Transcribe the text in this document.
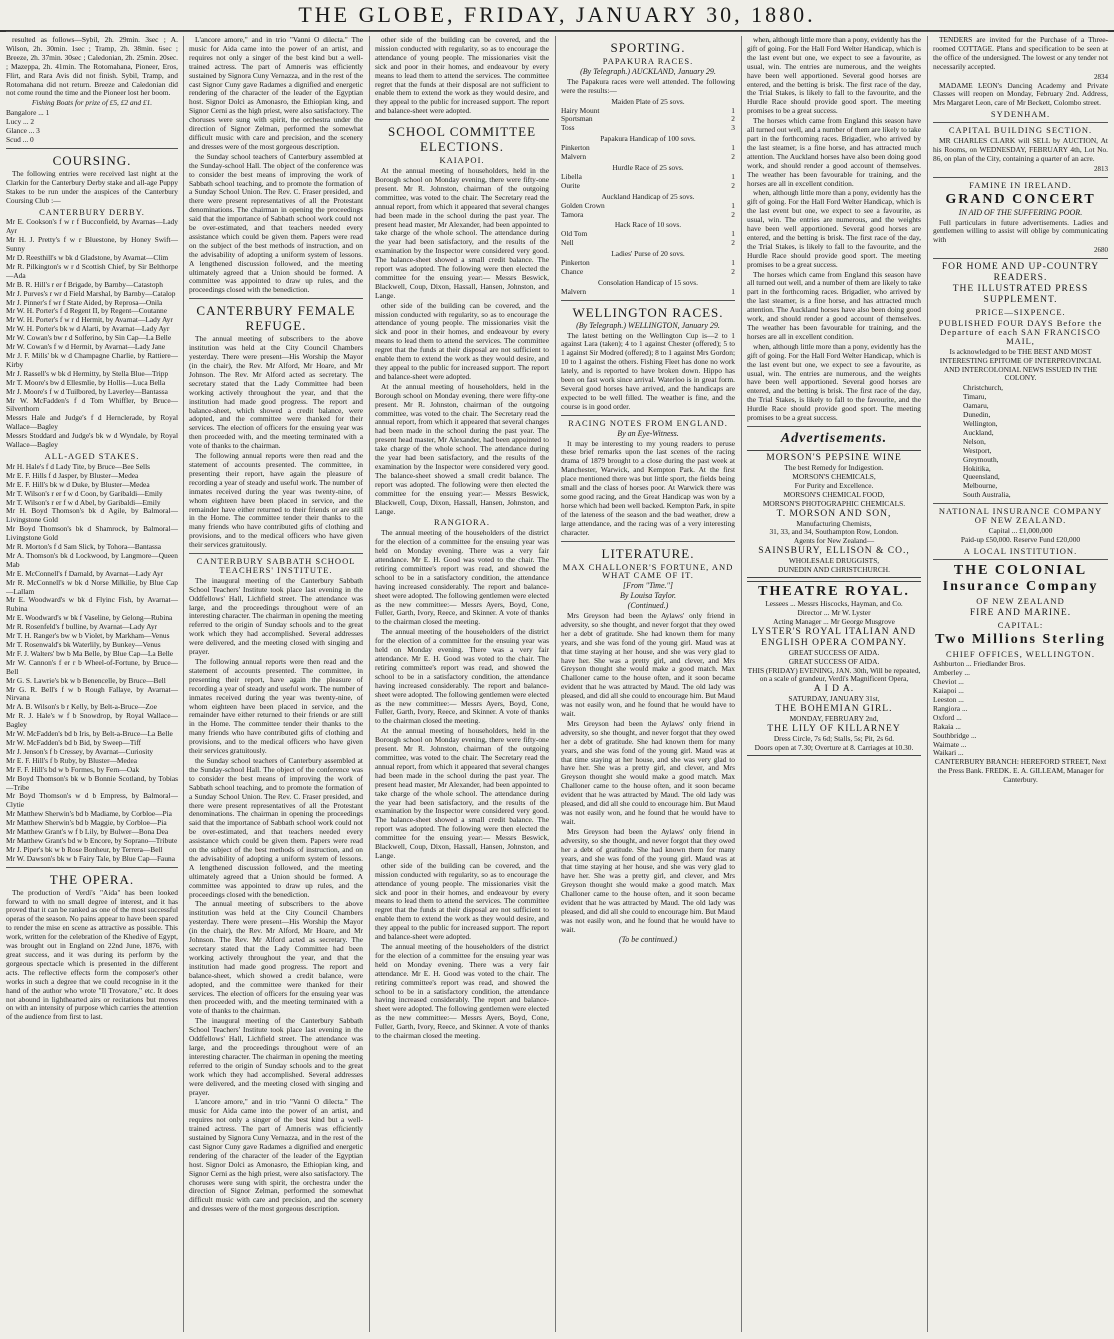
THE GLOBE, FRIDAY, JANUARY 30, 1880.

resulted as follows—Sybil, 2h. 29min. 3sec ; A. Wilson, 2h. 30min. 1sec ; Tramp, 2h. 38min. 6sec ; Breeze, 2h. 37min. 30sec ; Caledonian, 2h. 25min. 20sec. ; Mazeppa, 2h. 41min. The Rotomahana, Pioneer, Eros, Flirt, and Rara Avis did not finish. Sybil, Tramp, and Rotomahana did not return. Breeze and Caledonian did not come round the time and the Pioneer lost her boom.

Fishing Boats for prize of £5, £2 and £1.

Bangalore ... 1
Lucy ... 2
Glance ... 3
Scud ... 0
COURSING.

The following entries were received last night at the Clarkin for the Canterbury Derby stake and all-age Puppy Stakes to be run under the auspices of the Canterbury Coursing Club :—

CANTERBURY DERBY.
Mr E. Cookson's f w r f Bucconfield, by Avarnas—Lady Ayr
Mr H. J. Pretty's f w r Bluestone, by Honey Swift—Sunny
Mr D. Reesthill's w bk d Gladstone, by Avarnat—Clim
Mr R. Pilkington's w r d Scottish Chief, by Sir Belthorpe—Ada
Mr B. R. Hill's r er f Brigade, by Barnby—Catastoph
Mr J. Purves's r wr d Field Marshal, by Barnby—Catalop
Mr J. Pinner's f wr f State Aided, by Reprosa—Onila
Mr W. H. Porter's f d Regent II, by Regent—Coutanne
Mr W. H. Porter's f w r d Hermit, by Avarnat—Lady Ayr
Mr W. H. Porter's bk w d Alarti, by Avarnat—Lady Ayr
Mr W. Cowan's bw r d Solferino, by Sin Cap—La Belle
Mr W. Cowan's f w d Hermit, by Avarnat—Lady Jane
Mr J. F. Mills' bk w d Champagne Charlie, by Rattiere—Kirby
Mr J. Rassell's w bk d Hermitty, by Stella Blue—Tripp
Mr T. Moore's bw d Ellesmlie, by Hollis—Luca Bella
Mr J. Moore's f w d Tuilbored, by Laverley—Bantassa
Mr W. McFadden's f d Tom Whiffler, by Bruce—Silverthorn
Messrs Hale and Judge's f d Hernclerade, by Royal Wallace—Bagley
Messrs Stoddard and Judge's bk w d Wyndale, by Royal Wallace—Bagley
ALL-AGED STAKES.
Mr H. Hale's f d Lady Tite, by Bruce—Bee Sells
Mr E. F. Hills f d Jasper, by Bluster—Medea
Mr E. F. Hill's bk w d Duke, by Bluster—Medea
Mr T. Wilson's r er f w d Coon, by Garibaldi—Emily
Mr T. Wilson's r er f w d Abel, by Garibaldi—Emily
Mr H. Boyd Thomson's bk d Agile, by Balmoral—Livingstone Gold
Mr Boyd Thomson's bk d Shamrock, by Balmoral—Livingstone Gold
Mr R. Morton's f d Sam Slick, by Tohora—Bantassa
Mr A. Thomson's bk d Lockwood, by Langmore—Queen Mab
Mr E. McConnell's f Darnald, by Avarnat—Lady Ayr
Mr R. McConnell's w bk d Norse Milkilie, by Blue Cap—Lallam
Mr E. Woodward's w bk d Flyinc Fish, by Avarnat—Rubina
Mr E. Woodward's w bk f Vaseline, by Gelong—Rubina
Mr R. Rosenfeld's f bulline, by Avarnat—Lady Ayr
Mr T. H. Ranger's bw w b Violet, by Markham—Venus
Mr T. Rosenwald's bk Waterlily, by Bunkey—Venus
Mr F. J. Walters' bw b Ma Belle, by Blue Cap—La Belle
Mr W. Cannon's f er r b Wheel-of-Fortune, by Bruce—Bell
Mr G. S. Lawrie's bk w b Benencelle, by Bruce—Bell
Mr G. R. Bell's f w b Rough Fallaye, by Avarnat—Nirvana
Mr A. B. Wilson's b r Kelly, by Belt-a-Bruce—Zoe
Mr R. J. Hale's w f b Snowdrop, by Royal Wallace—Bagley
Mr W. McFadden's bd b Iris, by Belt-a-Bruce—La Belle
Mr W. McFadden's bd b Bid, by Sweep—Tiff
Mr J. Jenson's f b Cressey, by Avarnat—Curiosity
Mr E. F. Hill's f b Ruby, by Bluster—Medea
Mr F. F. Hill's bd w b Formes, by Fern—Oak
Mr Boyd Thomson's bk w b Bonnie Scotland, by Tobias—Tribe
Mr Boyd Thomson's w d b Empress, by Balmoral—Clytie
Mr Matthew Sherwin's bd b Madiame, by Corbloe—Pia
Mr Matthew Sherwin's bd b Maggie, by Corbloe—Pia
Mr Matthew Grant's w f b Lily, by Bulwer—Bona Dea
Mr Matthew Grant's bd w b Encore, by Soprano—Tribute
Mr J. Piper's bk w b Rose Bonheur, by Terrera—Bell
Mr W. Dawson's bk w b Fairy Tale, by Blue Cap—Fauna
THE OPERA.

The production of Verdi's "Aida" has been looked forward to with no small degree of interest, and it has proved that it can be ranked as one of the most successful operas of the season. No pains appear to have been spared to render the mise en scene as attractive as possible. This work, written for the celebration of the Khedive of Egypt, was brought out in England on 22nd June, 1876, with great success, and it was during its perform by the gorgeous spectacle which is presented in the different acts. The reflective effects form the composer's other works in such a degree that we could recognise in it the hand of the author who wrote "Il Trovatore," etc. It does not abound in lighthearted airs or recitations but moves on with an intensity of purpose which carries the attention of the audience from first to last.

L'ancore amore," and in trio "Vanni O dilecta." The music for Aida came into the power of an artist, and requires not only a singer of the best kind but a well-trained actress. The part of Amneris was efficiently sustained by Signora Cuny Vernazza, and in the rest of the cast Signor Cuny gave Radames a dignified and energetic rendering of the character of the leader of the Egyptian host. Signor Dolci as Amonasro, the Ethiopian king, and Signor Cerni as the high priest, were also satisfactory. The choruses were sung with spirit, the orchestra under the direction of Signor Zelman, performed the somewhat difficult music with care and precision, and the scenery and dresses were of the most gorgeous description.

the Sunday school teachers of Canterbury assembled at the Sunday-school Hall. The object of the conference was to consider the best means of improving the work of Sabbath school teaching, and to promote the formation of a Sunday School Union. The Rev. C. Fraser presided, and there were present representatives of all the Protestant denominations. The chairman in opening the proceedings said that the importance of Sabbath school work could not be over-estimated, and that teachers needed every assistance which could be given them. Papers were read on the subject of the best methods of instruction, and on the advisability of adopting a uniform system of lessons. A lengthened discussion followed, and the meeting ultimately agreed that a Union should be formed. A committee was appointed to draw up rules, and the proceedings closed with the benediction.

CANTERBURY FEMALE REFUGE.

The annual meeting of subscribers to the above institution was held at the City Council Chambers yesterday. There were present—His Worship the Mayor (in the chair), the Rev. Mr Alford, Mr Hoare, and Mr Johnson. The Rev. Mr Alford acted as secretary. The secretary stated that the Lady Committee had been working actively throughout the year, and that the institution had made good progress. The report and balance-sheet, which showed a credit balance, were adopted, and the committee were thanked for their services. The election of officers for the ensuing year was then proceeded with, and the meeting terminated with a vote of thanks to the chairman.

The following annual reports were then read and the statement of accounts presented. The committee, in presenting their report, have again the pleasure of recording a year of steady and useful work. The number of inmates received during the year was twenty-nine, of whom eighteen have been placed in service, and the remainder have either returned to their friends or are still in the Home. The committee tender their thanks to the many friends who have contributed gifts of clothing and provisions, and to the medical officers who have given their services gratuitously.

CANTERBURY SABBATH SCHOOL TEACHERS' INSTITUTE.

The inaugural meeting of the Canterbury Sabbath School Teachers' Institute took place last evening in the Oddfellows' Hall, Lichfield street. The attendance was large, and the proceedings throughout were of an interesting character. The chairman in opening the meeting referred to the origin of Sunday schools and to the great work which they had accomplished. Several addresses were delivered, and the meeting closed with singing and prayer.

The following annual reports were then read and the statement of accounts presented. The committee, in presenting their report, have again the pleasure of recording a year of steady and useful work. The number of inmates received during the year was twenty-nine, of whom eighteen have been placed in service, and the remainder have either returned to their friends or are still in the Home. The committee tender their thanks to the many friends who have contributed gifts of clothing and provisions, and to the medical officers who have given their services gratuitously.

the Sunday school teachers of Canterbury assembled at the Sunday-school Hall. The object of the conference was to consider the best means of improving the work of Sabbath school teaching, and to promote the formation of a Sunday School Union. The Rev. C. Fraser presided, and there were present representatives of all the Protestant denominations. The chairman in opening the proceedings said that the importance of Sabbath school work could not be over-estimated, and that teachers needed every assistance which could be given them. Papers were read on the subject of the best methods of instruction, and on the advisability of adopting a uniform system of lessons. A lengthened discussion followed, and the meeting ultimately agreed that a Union should be formed. A committee was appointed to draw up rules, and the proceedings closed with the benediction.

The annual meeting of subscribers to the above institution was held at the City Council Chambers yesterday. There were present—His Worship the Mayor (in the chair), the Rev. Mr Alford, Mr Hoare, and Mr Johnson. The Rev. Mr Alford acted as secretary. The secretary stated that the Lady Committee had been working actively throughout the year, and that the institution had made good progress. The report and balance-sheet, which showed a credit balance, were adopted, and the committee were thanked for their services. The election of officers for the ensuing year was then proceeded with, and the meeting terminated with a vote of thanks to the chairman.

The inaugural meeting of the Canterbury Sabbath School Teachers' Institute took place last evening in the Oddfellows' Hall, Lichfield street. The attendance was large, and the proceedings throughout were of an interesting character. The chairman in opening the meeting referred to the origin of Sunday schools and to the great work which they had accomplished. Several addresses were delivered, and the meeting closed with singing and prayer.

L'ancore amore," and in trio "Vanni O dilecta." The music for Aida came into the power of an artist, and requires not only a singer of the best kind but a well-trained actress. The part of Amneris was efficiently sustained by Signora Cuny Vernazza, and in the rest of the cast Signor Cuny gave Radames a dignified and energetic rendering of the character of the leader of the Egyptian host. Signor Dolci as Amonasro, the Ethiopian king, and Signor Cerni as the high priest, were also satisfactory. The choruses were sung with spirit, the orchestra under the direction of Signor Zelman, performed the somewhat difficult music with care and precision, and the scenery and dresses were of the most gorgeous description.

other side of the building can be covered, and the mission conducted with regularity, so as to encourage the attendance of young people. The missionaries visit the sick and poor in their homes, and endeavour by every means to lead them to attend the services. The committee regret that the funds at their disposal are not sufficient to enable them to extend the work as they would desire, and they appeal to the public for increased support. The report and balance-sheet were adopted.

SCHOOL COMMITTEE ELECTIONS.
KAIAPOI.

At the annual meeting of householders, held in the Borough school on Monday evening, there were fifty-one present. Mr R. Johnston, chairman of the outgoing committee, was voted to the chair. The Secretary read the annual report, from which it appeared that several changes had been made in the school during the past year. The present head master, Mr Alexander, had been appointed to take charge of the whole school. The attendance during the year had been satisfactory, and the results of the examination by the Inspector were considered very good. The balance-sheet showed a small credit balance. The report was adopted. The following were then elected the committee for the ensuing year:— Messrs Beswick, Blackwell, Coup, Dixon, Hassall, Hansen, Johnston, and Lange.

other side of the building can be covered, and the mission conducted with regularity, so as to encourage the attendance of young people. The missionaries visit the sick and poor in their homes, and endeavour by every means to lead them to attend the services. The committee regret that the funds at their disposal are not sufficient to enable them to extend the work as they would desire, and they appeal to the public for increased support. The report and balance-sheet were adopted.

At the annual meeting of householders, held in the Borough school on Monday evening, there were fifty-one present. Mr R. Johnston, chairman of the outgoing committee, was voted to the chair. The Secretary read the annual report, from which it appeared that several changes had been made in the school during the past year. The present head master, Mr Alexander, had been appointed to take charge of the whole school. The attendance during the year had been satisfactory, and the results of the examination by the Inspector were considered very good. The balance-sheet showed a small credit balance. The report was adopted. The following were then elected the committee for the ensuing year:— Messrs Beswick, Blackwell, Coup, Dixon, Hassall, Hansen, Johnston, and Lange.

RANGIORA.

The annual meeting of the householders of the district for the election of a committee for the ensuing year was held on Monday evening. There was a very fair attendance. Mr E. H. Good was voted to the chair. The retiring committee's report was read, and showed the school to be in a satisfactory condition, the attendance having increased considerably. The report and balance-sheet were adopted. The following gentlemen were elected as the new committee:— Messrs Ayers, Boyd, Cone, Fuller, Garth, Ivory, Reece, and Skinner. A vote of thanks to the chairman closed the meeting.

The annual meeting of the householders of the district for the election of a committee for the ensuing year was held on Monday evening. There was a very fair attendance. Mr E. H. Good was voted to the chair. The retiring committee's report was read, and showed the school to be in a satisfactory condition, the attendance having increased considerably. The report and balance-sheet were adopted. The following gentlemen were elected as the new committee:— Messrs Ayers, Boyd, Cone, Fuller, Garth, Ivory, Reece, and Skinner. A vote of thanks to the chairman closed the meeting.

At the annual meeting of householders, held in the Borough school on Monday evening, there were fifty-one present. Mr R. Johnston, chairman of the outgoing committee, was voted to the chair. The Secretary read the annual report, from which it appeared that several changes had been made in the school during the past year. The present head master, Mr Alexander, had been appointed to take charge of the whole school. The attendance during the year had been satisfactory, and the results of the examination by the Inspector were considered very good. The balance-sheet showed a small credit balance. The report was adopted. The following were then elected the committee for the ensuing year:— Messrs Beswick, Blackwell, Coup, Dixon, Hassall, Hansen, Johnston, and Lange.

other side of the building can be covered, and the mission conducted with regularity, so as to encourage the attendance of young people. The missionaries visit the sick and poor in their homes, and endeavour by every means to lead them to attend the services. The committee regret that the funds at their disposal are not sufficient to enable them to extend the work as they would desire, and they appeal to the public for increased support. The report and balance-sheet were adopted.

The annual meeting of the householders of the district for the election of a committee for the ensuing year was held on Monday evening. There was a very fair attendance. Mr E. H. Good was voted to the chair. The retiring committee's report was read, and showed the school to be in a satisfactory condition, the attendance having increased considerably. The report and balance-sheet were adopted. The following gentlemen were elected as the new committee:— Messrs Ayers, Boyd, Cone, Fuller, Garth, Ivory, Reece, and Skinner. A vote of thanks to the chairman closed the meeting.

SPORTING.
PAPAKURA RACES.
(By Telegraph.) AUCKLAND, January 29.

The Papakura races were well attended. The following were the results:—

Maiden Plate of 25 sovs.
Hairy Mount	1
Sportsman	2
Toss	3
Papakura Handicap of 100 sovs.
Pinkerton	1
Malvern	2
Hurdle Race of 25 sovs.
Libella	1
Ourite	2
Auckland Handicap of 25 sovs.
Golden Crown	1
Tamora	2
Hack Race of 10 sovs.
Old Tom	1
Nell	2
Ladies' Purse of 20 sovs.
Pinkerton	1
Chance	2
Consolation Handicap of 15 sovs.
Malvern	1
WELLINGTON RACES.
(By Telegraph.) WELLINGTON, January 29.

The latest betting on the Wellington Cup is—2 to 1 against Lara (taken); 4 to 1 against Chester (offered); 5 to 1 against Sir Modred (offered); 8 to 1 against Mrs Gordon; 10 to 1 against the others. Fishing Fleet has done no work lately, and is reported to have broken down. Hippo has been on fast work since arrival. Waterloo is in great form. Several good horses have arrived, and the handicaps are expected to be well filled. The weather is fine, and the course is in good order.

RACING NOTES FROM ENGLAND.
By an Eye-Witness.

It may be interesting to my young readers to peruse these brief remarks upon the last scenes of the racing drama of 1879 brought to a close during the past week at Manchester, Warwick, and Kempton Park. At the first place mentioned there was but little sport, the fields being small and the class of horses poor. At Warwick there was some good racing, and the Great Handicap was won by a horse which had been well backed. Kempton Park, in spite of the lateness of the season and the bad weather, drew a large attendance, and the racing was of a very interesting character.

LITERATURE.
MAX CHALLONER'S FORTUNE, AND WHAT CAME OF IT.
[From "Time."]
By Louisa Taylor.
(Continued.)

Mrs Greyson had been the Aylaws' only friend in adversity, so she thought, and never forgot that they owed her a debt of gratitude. She had known them for many years, and she was fond of the young girl. Maud was at that time staying at her house, and she was very glad to have her. She was a pretty girl, and clever, and Mrs Greyson thought she would make a good match. Max Challoner came to the house often, and it soon became evident that he was attracted by Maud. The old lady was pleased, and did all she could to encourage him. But Maud was not easily won, and he found that he would have to wait.

Mrs Greyson had been the Aylaws' only friend in adversity, so she thought, and never forgot that they owed her a debt of gratitude. She had known them for many years, and she was fond of the young girl. Maud was at that time staying at her house, and she was very glad to have her. She was a pretty girl, and clever, and Mrs Greyson thought she would make a good match. Max Challoner came to the house often, and it soon became evident that he was attracted by Maud. The old lady was pleased, and did all she could to encourage him. But Maud was not easily won, and he found that he would have to wait.

Mrs Greyson had been the Aylaws' only friend in adversity, so she thought, and never forgot that they owed her a debt of gratitude. She had known them for many years, and she was fond of the young girl. Maud was at that time staying at her house, and she was very glad to have her. She was a pretty girl, and clever, and Mrs Greyson thought she would make a good match. Max Challoner came to the house often, and it soon became evident that he was attracted by Maud. The old lady was pleased, and did all she could to encourage him. But Maud was not easily won, and he found that he would have to wait.

(To be continued.)

when, although little more than a pony, evidently has the gift of going. For the Hall Ford Welter Handicap, which is the last event but one, we expect to see a favourite, as usual, win. The entries are numerous, and the weights have been well apportioned. Several good horses are entered, and the betting is brisk. The first race of the day, the Trial Stakes, is likely to fall to the favourite, and the Hurdle Race should provide good sport. The meeting promises to be a great success.

The horses which came from England this season have all turned out well, and a number of them are likely to take part in the forthcoming races. Brigadier, who arrived by the last steamer, is a fine horse, and has attracted much attention. The Auckland horses have also been doing good work, and should render a good account of themselves. The weather has been favourable for training, and the horses are all in excellent condition.

when, although little more than a pony, evidently has the gift of going. For the Hall Ford Welter Handicap, which is the last event but one, we expect to see a favourite, as usual, win. The entries are numerous, and the weights have been well apportioned. Several good horses are entered, and the betting is brisk. The first race of the day, the Trial Stakes, is likely to fall to the favourite, and the Hurdle Race should provide good sport. The meeting promises to be a great success.

The horses which came from England this season have all turned out well, and a number of them are likely to take part in the forthcoming races. Brigadier, who arrived by the last steamer, is a fine horse, and has attracted much attention. The Auckland horses have also been doing good work, and should render a good account of themselves. The weather has been favourable for training, and the horses are all in excellent condition.

when, although little more than a pony, evidently has the gift of going. For the Hall Ford Welter Handicap, which is the last event but one, we expect to see a favourite, as usual, win. The entries are numerous, and the weights have been well apportioned. Several good horses are entered, and the betting is brisk. The first race of the day, the Trial Stakes, is likely to fall to the favourite, and the Hurdle Race should provide good sport. The meeting promises to be a great success.

Advertisements.
MORSON'S PEPSINE WINE
The best Remedy for Indigestion.
MORSON'S CHEMICALS,
For Purity and Excellence.
MORSON'S CHEMICAL FOOD,
MORSON'S PHOTOGRAPHIC CHEMICALS.
T. MORSON AND SON,
Manufacturing Chemists,
31, 33, and 34, Southampton Row, London.
Agents for New Zealand—
SAINSBURY, ELLISON & CO.,
WHOLESALE DRUGGISTS,
DUNEDIN AND CHRISTCHURCH.
THEATRE ROYAL.
Lessees ... Messrs Hiscocks, Hayman, and Co.
Director ... Mr W. Lyster
Acting Manager ... Mr George Musgrove
LYSTER'S ROYAL ITALIAN AND ENGLISH OPERA COMPANY.
GREAT SUCCESS OF AIDA.
GREAT SUCCESS OF AIDA.
THIS (FRIDAY) EVENING, JAN. 30th, Will be repeated, on a scale of grandeur, Verdi's Magnificent Opera,
A I D A.
SATURDAY, JANUARY 31st,
THE BOHEMIAN GIRL.
MONDAY, FEBRUARY 2nd,
THE LILY OF KILLARNEY
Dress Circle, 7s 6d; Stalls, 5s; Pit, 2s 6d.
Doors open at 7.30; Overture at 8. Carriages at 10.30.

TENDERS are invited for the Purchase of a Three-roomed COTTAGE. Plans and specification to be seen at the office of the undersigned. The lowest or any tender not necessarily accepted.

2834

MADAME LEON's Dancing Academy and Private Classes will reopen on Monday, February 2nd. Address, Mrs Margaret Leon, care of Mr Beckett, Colombo street.

SYDENHAM.
CAPITAL BUILDING SECTION.

MR CHARLES CLARK will SELL by AUCTION, At his Rooms, on WEDNESDAY, FEBRUARY 4th, Lot No. 86, on plan of the City, containing a quarter of an acre.

2813
FAMINE IN IRELAND.
GRAND CONCERT
IN AID OF THE SUFFERING POOR.

Full particulars in future advertisements. Ladies and gentlemen willing to assist will oblige by communicating with

2680
FOR HOME AND UP-COUNTRY READERS.
THE ILLUSTRATED PRESS SUPPLEMENT.
PRICE—SIXPENCE.
PUBLISHED FOUR DAYS Before the Departure of each SAN FRANCISCO MAIL,

Is acknowledged to be THE BEST AND MOST INTERESTING EPITOME OF INTERPROVINCIAL AND INTERCOLONIAL NEWS ISSUED IN THE COLONY.

Christchurch,
Timaru,
Oamaru,
Dunedin,
Wellington,
Auckland,
Nelson,
Westport,
Greymouth,
Hokitika,
Queensland,
Melbourne,
South Australia,
NATIONAL INSURANCE COMPANY OF NEW ZEALAND.
Capital ... £1,000,000
Paid-up £50,000. Reserve Fund £20,000
A LOCAL INSTITUTION.
THE COLONIAL Insurance Company
OF NEW ZEALAND
FIRE AND MARINE.
CAPITAL:
Two Millions Sterling
CHIEF OFFICES, WELLINGTON.
Ashburton ... Friedlander Bros.
Amberley ...
Cheviot ...
Kaiapoi ...
Leeston ...
Rangiora ...
Oxford ...
Rakaia ...
Southbridge ...
Waimate ...
Waikari ...

CANTERBURY BRANCH: HEREFORD STREET, Next the Press Bank. FREDK. E. A. GILLEAM, Manager for Canterbury.
